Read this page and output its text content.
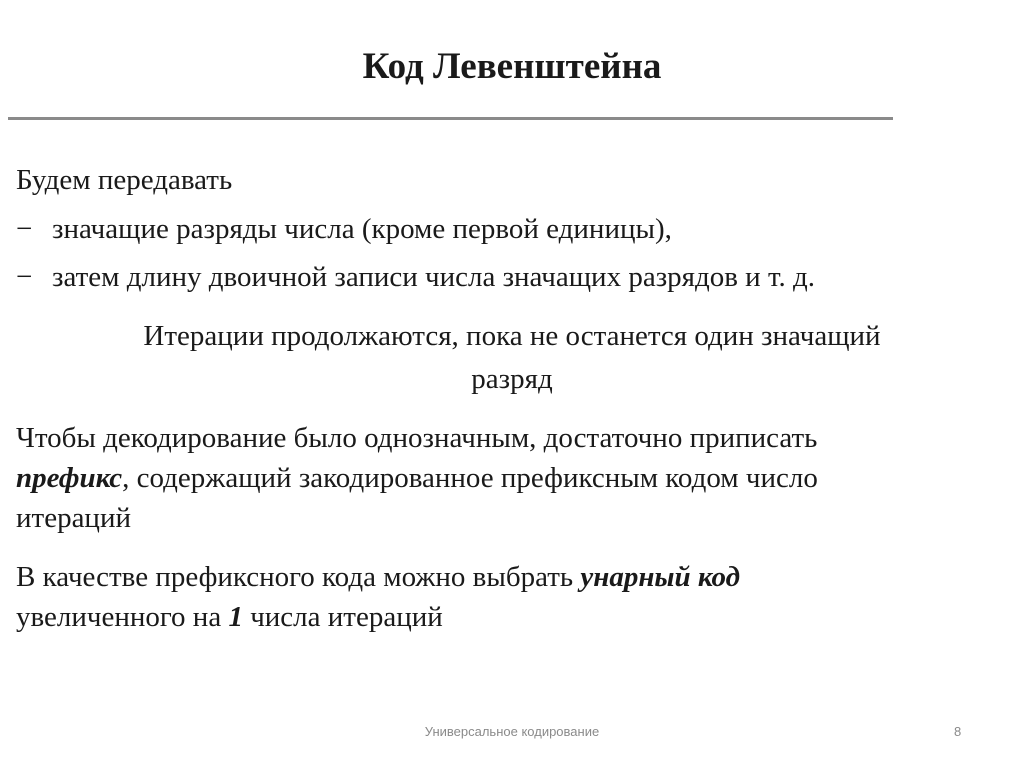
Код Левенштейна
Будем передавать
− значащие разряды числа (кроме первой единицы),
− затем длину двоичной записи числа значащих разрядов и т. д.
Итерации продолжаются, пока не останется один значащий
разряд
Чтобы декодирование было однозначным, достаточно приписать
префикс, содержащий закодированное префиксным кодом число
итераций
В качестве префиксного кода можно выбрать унарный код
увеличенного на 1 числа итераций
Универсальное кодирование	8
